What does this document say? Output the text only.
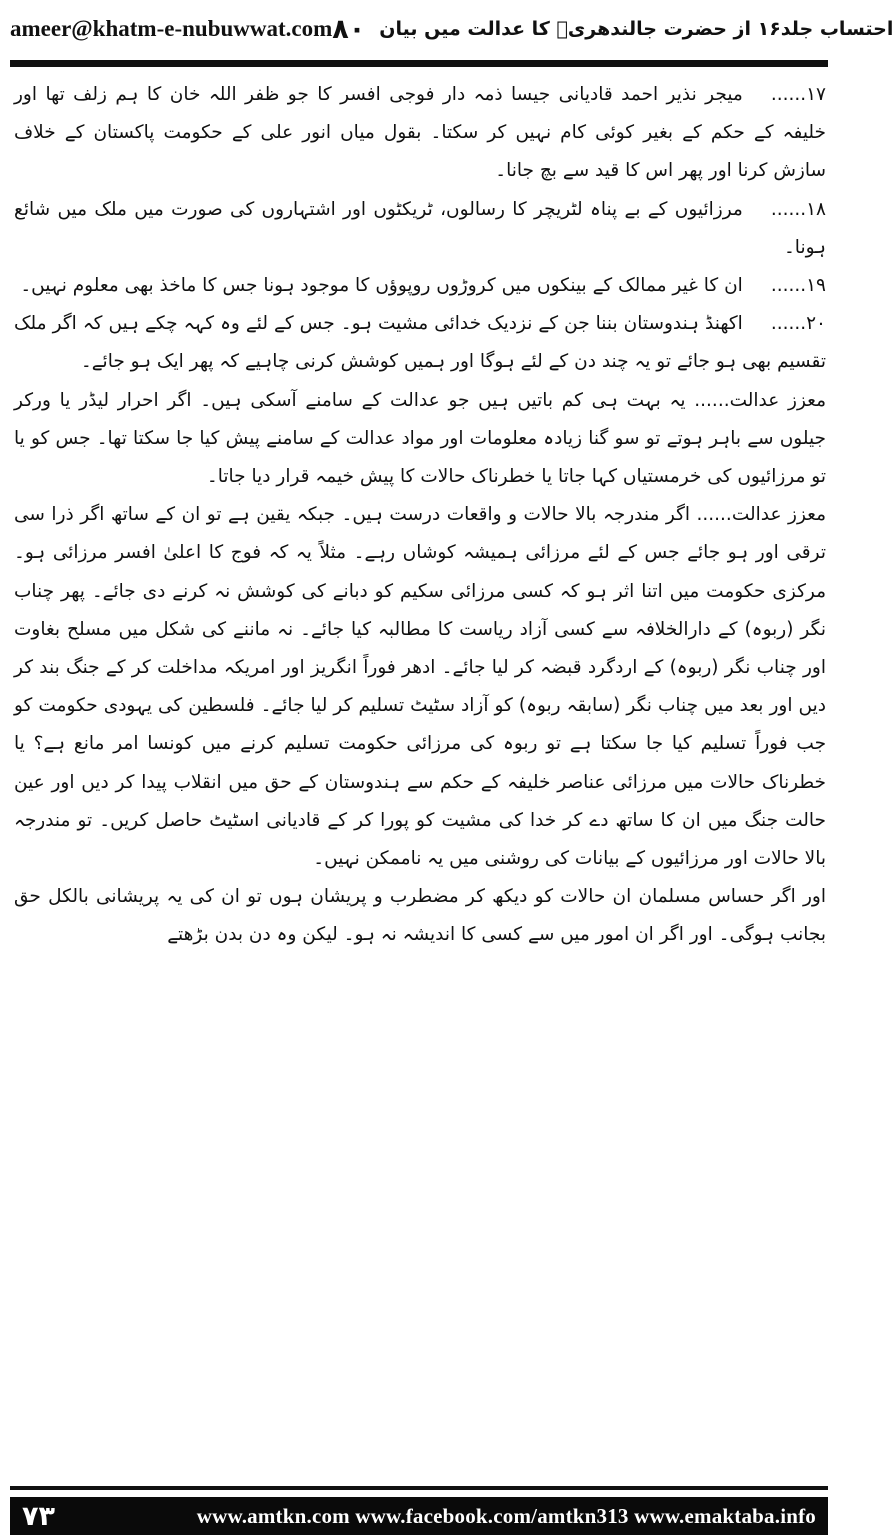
ameer@khatm-e-nubuwwat.com احتساب جلد۱۶ از حضرت جالندھریؒ کا عدالت میں بیان
۸۰

۱۷......میجر نذیر احمد قادیانی جیسا ذمہ دار فوجی افسر کا جو ظفر اللہ خان کا ہم زلف تھا اور خلیفہ کے حکم کے بغیر کوئی کام نہیں کر سکتا۔ بقول میاں انور علی کے حکومت پاکستان کے خلاف سازش کرنا اور پھر اس کا قید سے بچ جانا۔

۱۸......مرزائیوں کے بے پناہ لٹریچر کا رسالوں، ٹریکٹوں اور اشتہاروں کی صورت میں ملک میں شائع ہونا۔

۱۹......ان کا غیر ممالک کے بینکوں میں کروڑوں روپوؤں کا موجود ہونا جس کا ماخذ بھی معلوم نہیں۔

۲۰......اکھنڈ ہندوستان بننا جن کے نزدیک خدائی مشیت ہو۔ جس کے لئے وہ کہہ چکے ہیں کہ اگر ملک تقسیم بھی ہو جائے تو یہ چند دن کے لئے ہوگا اور ہمیں کوشش کرنی چاہیے کہ پھر ایک ہو جائے۔

معزز عدالت...... یہ بہت ہی کم باتیں ہیں جو عدالت کے سامنے آسکی ہیں۔ اگر احرار لیڈر یا ورکر جیلوں سے باہر ہوتے تو سو گنا زیادہ معلومات اور مواد عدالت کے سامنے پیش کیا جا سکتا تھا۔ جس کو یا تو مرزائیوں کی خرمستیاں کہا جاتا یا خطرناک حالات کا پیش خیمہ قرار دیا جاتا۔

معزز عدالت...... اگر مندرجہ بالا حالات و واقعات درست ہیں۔ جبکہ یقین ہے تو ان کے ساتھ اگر ذرا سی ترقی اور ہو جائے جس کے لئے مرزائی ہمیشہ کوشاں رہے۔ مثلاً یہ کہ فوج کا اعلیٰ افسر مرزائی ہو۔ مرکزی حکومت میں اتنا اثر ہو کہ کسی مرزائی سکیم کو دبانے کی کوشش نہ کرنے دی جائے۔ پھر چناب نگر (ربوہ) کے دارالخلافہ سے کسی آزاد ریاست کا مطالبہ کیا جائے۔ نہ ماننے کی شکل میں مسلح بغاوت اور چناب نگر (ربوہ) کے اردگرد قبضہ کر لیا جائے۔ ادھر فوراً انگریز اور امریکہ مداخلت کر کے جنگ بند کر دیں اور بعد میں چناب نگر (سابقہ ربوہ) کو آزاد سٹیٹ تسلیم کر لیا جائے۔ فلسطین کی یہودی حکومت کو جب فوراً تسلیم کیا جا سکتا ہے تو ربوہ کی مرزائی حکومت تسلیم کرنے میں کونسا امر مانع ہے؟ یا خطرناک حالات میں مرزائی عناصر خلیفہ کے حکم سے ہندوستان کے حق میں انقلاب پیدا کر دیں اور عین حالت جنگ میں ان کا ساتھ دے کر خدا کی مشیت کو پورا کر کے قادیانی اسٹیٹ حاصل کریں۔ تو مندرجہ بالا حالات اور مرزائیوں کے بیانات کی روشنی میں یہ ناممکن نہیں۔

اور اگر حساس مسلمان ان حالات کو دیکھ کر مضطرب و پریشان ہوں تو ان کی یہ پریشانی بالکل حق بجانب ہوگی۔ اور اگر ان امور میں سے کسی کا اندیشہ نہ ہو۔ لیکن وہ دن بدن بڑھتے

۷۳	www.amtkn.com www.facebook.com/amtkn313 www.emaktaba.info
